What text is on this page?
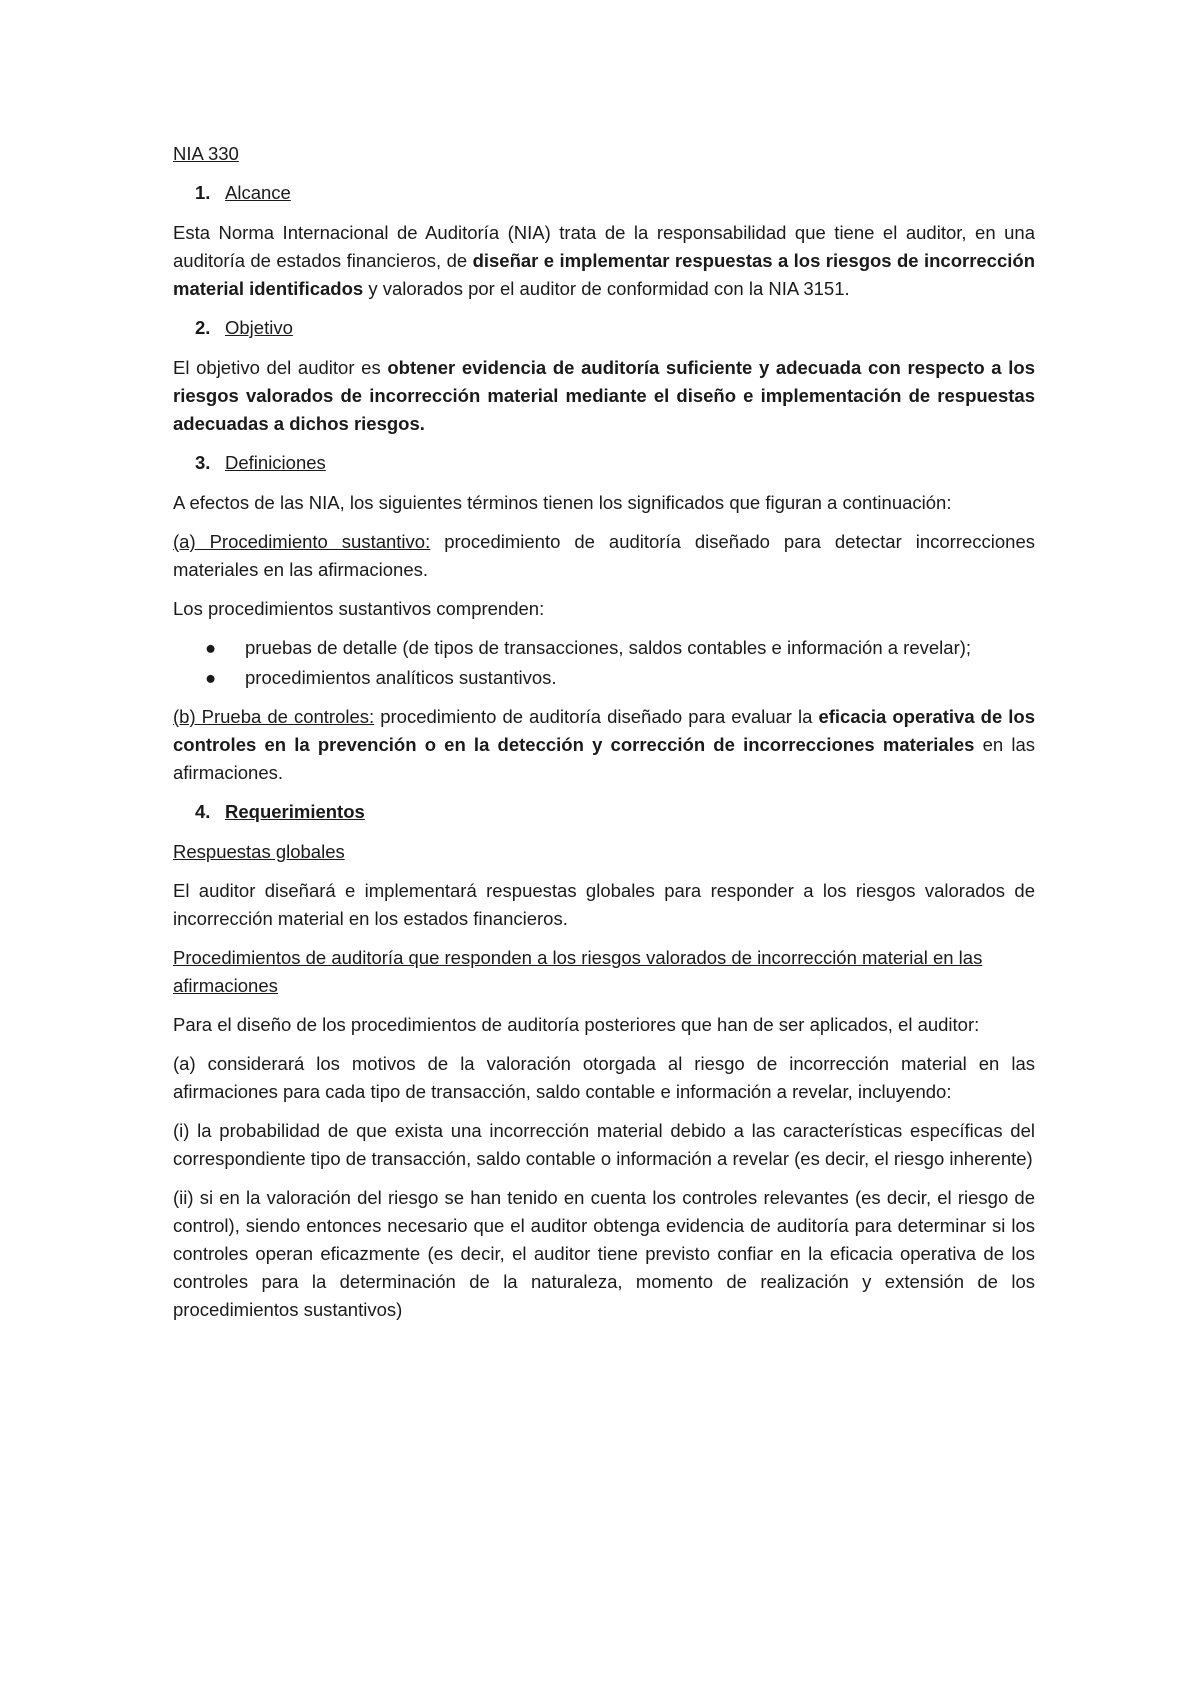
NIA 330

1. Alcance

Esta Norma Internacional de Auditoría (NIA) trata de la responsabilidad que tiene el auditor, en una auditoría de estados financieros, de diseñar e implementar respuestas a los riesgos de incorrección material identificados y valorados por el auditor de conformidad con la NIA 3151.

2. Objetivo

El objetivo del auditor es obtener evidencia de auditoría suficiente y adecuada con respecto a los riesgos valorados de incorrección material mediante el diseño e implementación de respuestas adecuadas a dichos riesgos.

3. Definiciones

A efectos de las NIA, los siguientes términos tienen los significados que figuran a continuación:

(a) Procedimiento sustantivo: procedimiento de auditoría diseñado para detectar incorrecciones materiales en las afirmaciones.

Los procedimientos sustantivos comprenden:

● pruebas de detalle (de tipos de transacciones, saldos contables e información a revelar);
● procedimientos analíticos sustantivos.

(b) Prueba de controles: procedimiento de auditoría diseñado para evaluar la eficacia operativa de los controles en la prevención o en la detección y corrección de incorrecciones materiales en las afirmaciones.

4. Requerimientos

Respuestas globales

El auditor diseñará e implementará respuestas globales para responder a los riesgos valorados de incorrección material en los estados financieros.

Procedimientos de auditoría que responden a los riesgos valorados de incorrección material en las afirmaciones

Para el diseño de los procedimientos de auditoría posteriores que han de ser aplicados, el auditor:

(a) considerará los motivos de la valoración otorgada al riesgo de incorrección material en las afirmaciones para cada tipo de transacción, saldo contable e información a revelar, incluyendo:

(i) la probabilidad de que exista una incorrección material debido a las características específicas del correspondiente tipo de transacción, saldo contable o información a revelar (es decir, el riesgo inherente)

(ii) si en la valoración del riesgo se han tenido en cuenta los controles relevantes (es decir, el riesgo de control), siendo entonces necesario que el auditor obtenga evidencia de auditoría para determinar si los controles operan eficazmente (es decir, el auditor tiene previsto confiar en la eficacia operativa de los controles para la determinación de la naturaleza, momento de realización y extensión de los procedimientos sustantivos)
